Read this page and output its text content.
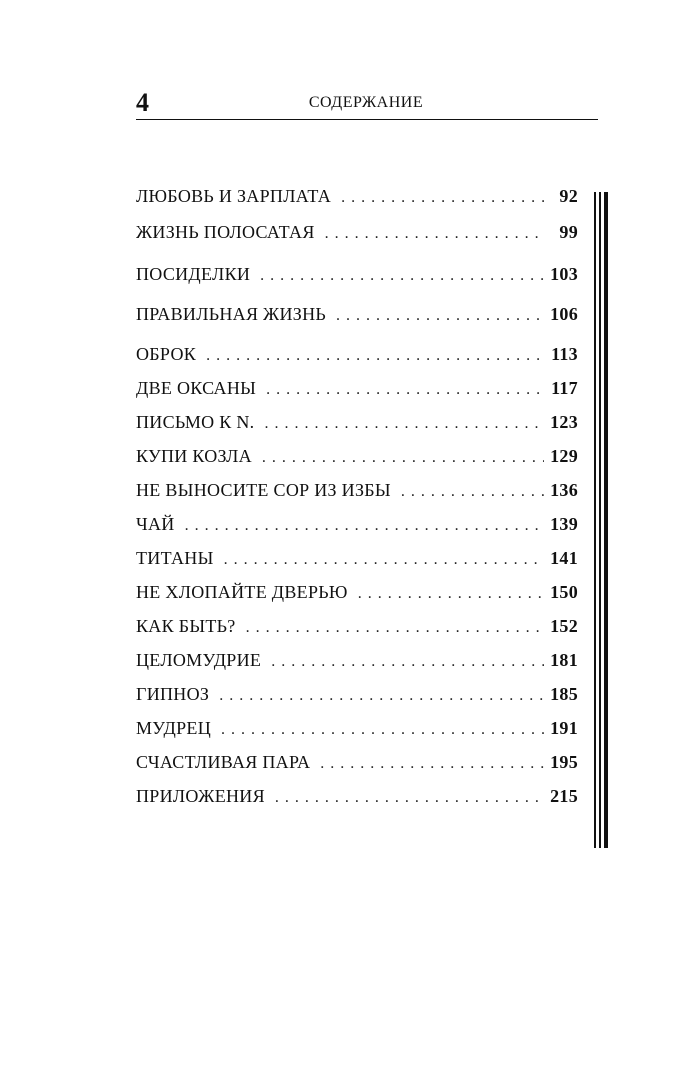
4	СОДЕРЖАНИЕ
ЛЮБОВЬ И ЗАРПЛАТА . . .	92
ЖИЗНЬ ПОЛОСАТАЯ . . .	99
ПОСИДЕЛКИ . . .	103
ПРАВИЛЬНАЯ ЖИЗНЬ . . .	106
ОБРОК . . .	113
ДВЕ ОКСАНЫ . . .	117
ПИСЬМО К N. . . .	123
КУПИ КОЗЛА . . .	129
НЕ ВЫНОСИТЕ СОР ИЗ ИЗБЫ . . .	136
ЧАЙ . . .	139
ТИТАНЫ . . .	141
НЕ ХЛОПАЙТЕ ДВЕРЬЮ . . .	150
КАК БЫТЬ? . . .	152
ЦЕЛОМУДРИЕ . . .	181
ГИПНОЗ . . .	185
МУДРЕЦ . . .	191
СЧАСТЛИВАЯ ПАРА . . .	195
ПРИЛОЖЕНИЯ . . .	215
